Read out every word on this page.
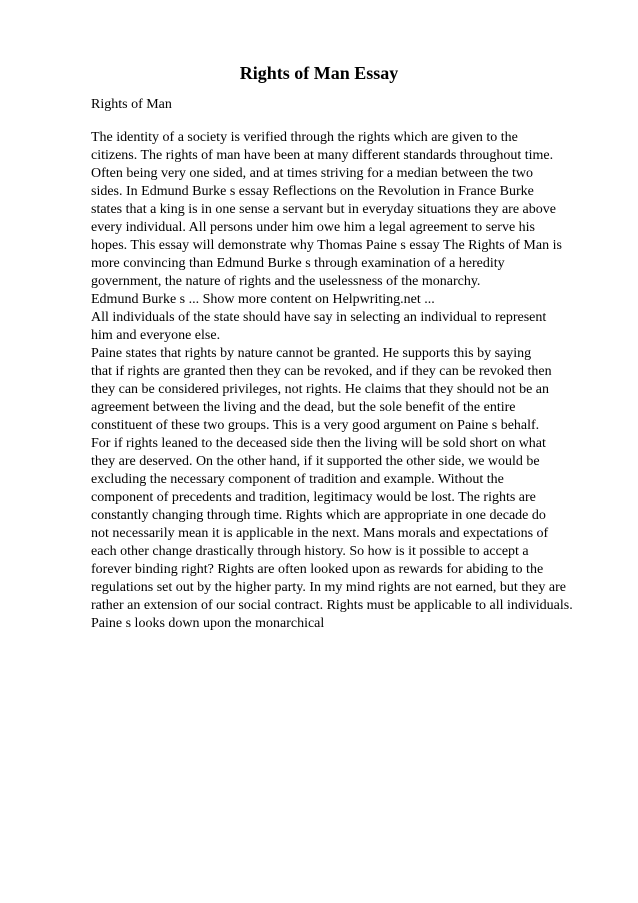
Rights of Man Essay

Rights of Man

The identity of a society is verified through the rights which are given to the
citizens. The rights of man have been at many different standards throughout time.
Often being very one sided, and at times striving for a median between the two
sides. In Edmund Burke s essay Reflections on the Revolution in France Burke
states that a king is in one sense a servant but in everyday situations they are above
every individual. All persons under him owe him a legal agreement to serve his
hopes. This essay will demonstrate why Thomas Paine s essay The Rights of Man is
more convincing than Edmund Burke s through examination of a heredity
government, the nature of rights and the uselessness of the monarchy.
Edmund Burke s ... Show more content on Helpwriting.net ...
All individuals of the state should have say in selecting an individual to represent
him and everyone else.
Paine states that rights by nature cannot be granted. He supports this by saying
that if rights are granted then they can be revoked, and if they can be revoked then
they can be considered privileges, not rights. He claims that they should not be an
agreement between the living and the dead, but the sole benefit of the entire
constituent of these two groups. This is a very good argument on Paine s behalf.
For if rights leaned to the deceased side then the living will be sold short on what
they are deserved. On the other hand, if it supported the other side, we would be
excluding the necessary component of tradition and example. Without the
component of precedents and tradition, legitimacy would be lost. The rights are
constantly changing through time. Rights which are appropriate in one decade do
not necessarily mean it is applicable in the next. Mans morals and expectations of
each other change drastically through history. So how is it possible to accept a
forever binding right? Rights are often looked upon as rewards for abiding to the
regulations set out by the higher party. In my mind rights are not earned, but they are
rather an extension of our social contract. Rights must be applicable to all individuals.
Paine s looks down upon the monarchical
